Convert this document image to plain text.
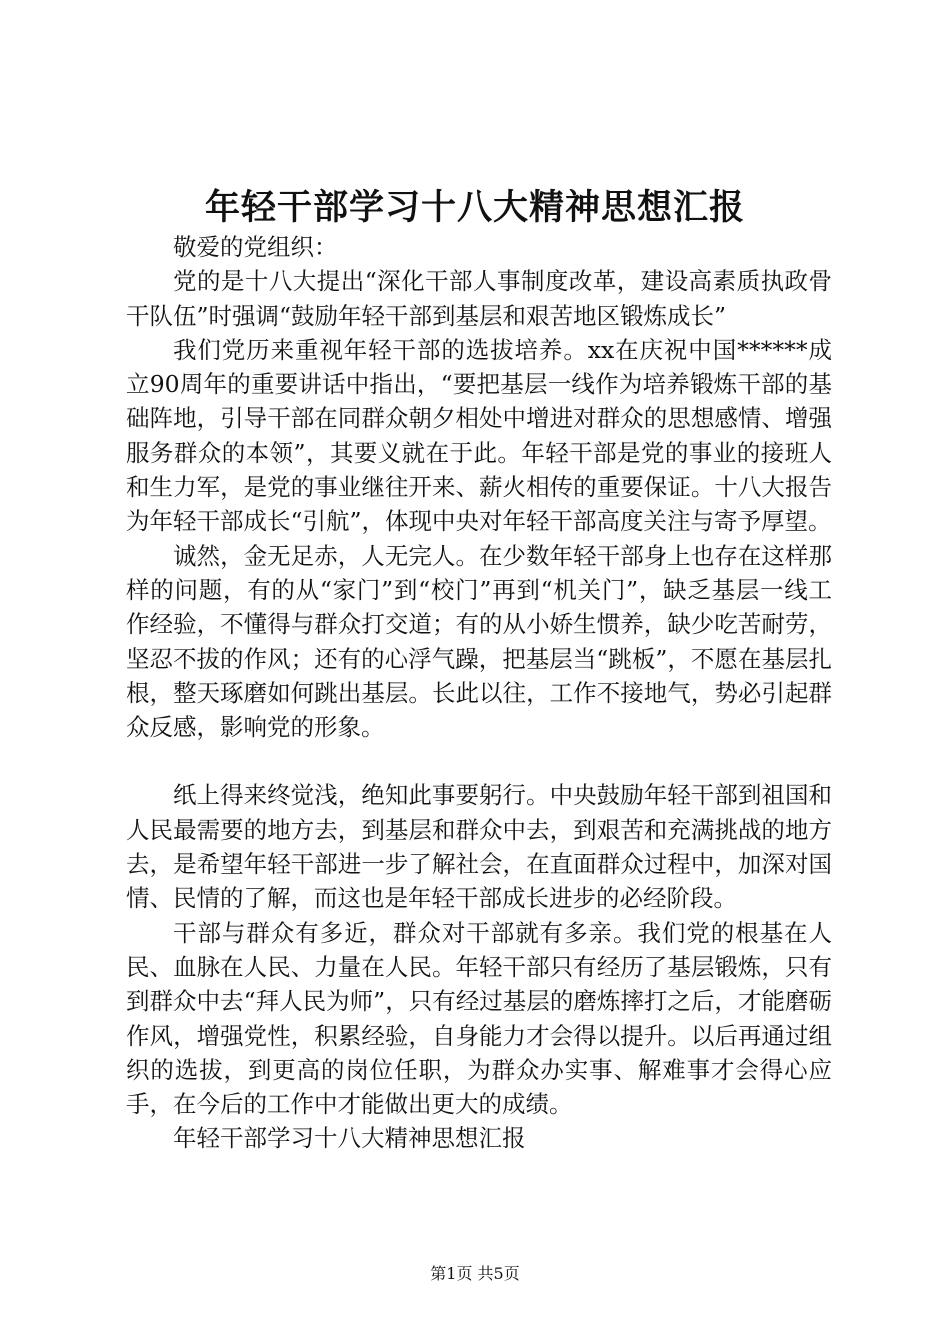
年轻干部学习十八大精神思想汇报

敬爱的党组织：

党的是十八大提出“深化干部人事制度改革，建设高素质执政骨干队伍”时强调“鼓励年轻干部到基层和艰苦地区锻炼成长”

我们党历来重视年轻干部的选拔培养。xx在庆祝中国******成立90周年的重要讲话中指出，“要把基层一线作为培养锻炼干部的基础阵地，引导干部在同群众朝夕相处中增进对群众的思想感情、增强服务群众的本领”，其要义就在于此。年轻干部是党的事业的接班人和生力军，是党的事业继往开来、薪火相传的重要保证。十八大报告为年轻干部成长“引航”，体现中央对年轻干部高度关注与寄予厚望。

诚然，金无足赤，人无完人。在少数年轻干部身上也存在这样那样的问题，有的从“家门”到“校门”再到“机关门”，缺乏基层一线工作经验，不懂得与群众打交道；有的从小娇生惯养，缺少吃苦耐劳，坚忍不拔的作风；还有的心浮气躁，把基层当“跳板”，不愿在基层扎根，整天琢磨如何跳出基层。长此以往，工作不接地气，势必引起群众反感，影响党的形象。

纸上得来终觉浅，绝知此事要躬行。中央鼓励年轻干部到祖国和人民最需要的地方去，到基层和群众中去，到艰苦和充满挑战的地方去，是希望年轻干部进一步了解社会，在直面群众过程中，加深对国情、民情的了解，而这也是年轻干部成长进步的必经阶段。

干部与群众有多近，群众对干部就有多亲。我们党的根基在人民、血脉在人民、力量在人民。年轻干部只有经历了基层锻炼，只有到群众中去“拜人民为师”，只有经过基层的磨炼摔打之后，才能磨砺作风，增强党性，积累经验，自身能力才会得以提升。以后再通过组织的选拔，到更高的岗位任职，为群众办实事、解难事才会得心应手，在今后的工作中才能做出更大的成绩。

年轻干部学习十八大精神思想汇报

第1页 共5页
